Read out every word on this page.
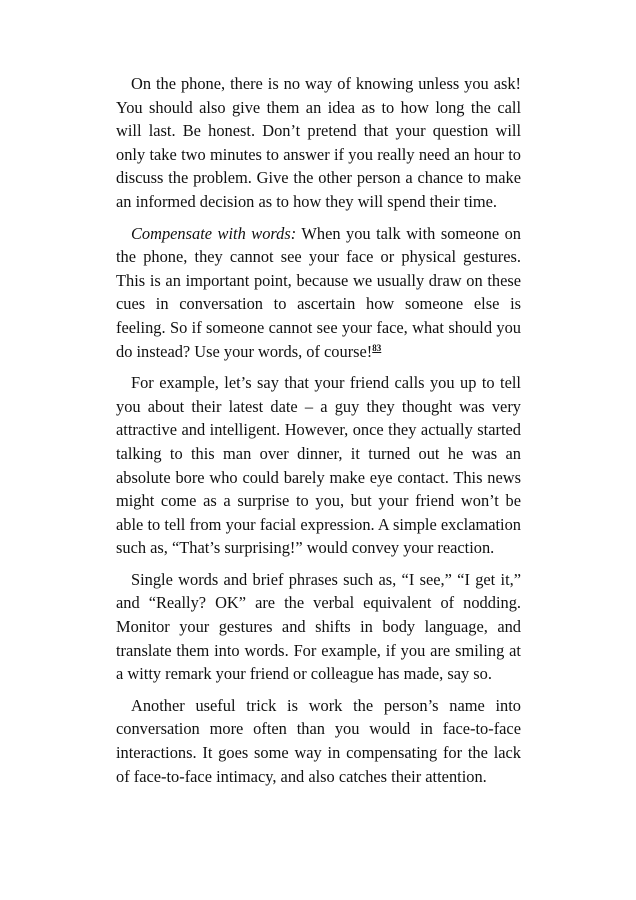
On the phone, there is no way of knowing unless you ask! You should also give them an idea as to how long the call will last. Be honest. Don’t pretend that your question will only take two minutes to answer if you really need an hour to discuss the problem. Give the other person a chance to make an informed decision as to how they will spend their time.

Compensate with words: When you talk with someone on the phone, they cannot see your face or physical gestures. This is an important point, because we usually draw on these cues in conversation to ascertain how someone else is feeling. So if someone cannot see your face, what should you do instead? Use your words, of course!$^{83}$

For example, let’s say that your friend calls you up to tell you about their latest date – a guy they thought was very attractive and intelligent. However, once they actually started talking to this man over dinner, it turned out he was an absolute bore who could barely make eye contact. This news might come as a surprise to you, but your friend won’t be able to tell from your facial expression. A simple exclamation such as, “That’s surprising!” would convey your reaction.

Single words and brief phrases such as, “I see,” “I get it,” and “Really? OK” are the verbal equivalent of nodding. Monitor your gestures and shifts in body language, and translate them into words. For example, if you are smiling at a witty remark your friend or colleague has made, say so.

Another useful trick is work the person’s name into conversation more often than you would in face-to-face interactions. It goes some way in compensating for the lack of face-to-face intimacy, and also catches their attention.
